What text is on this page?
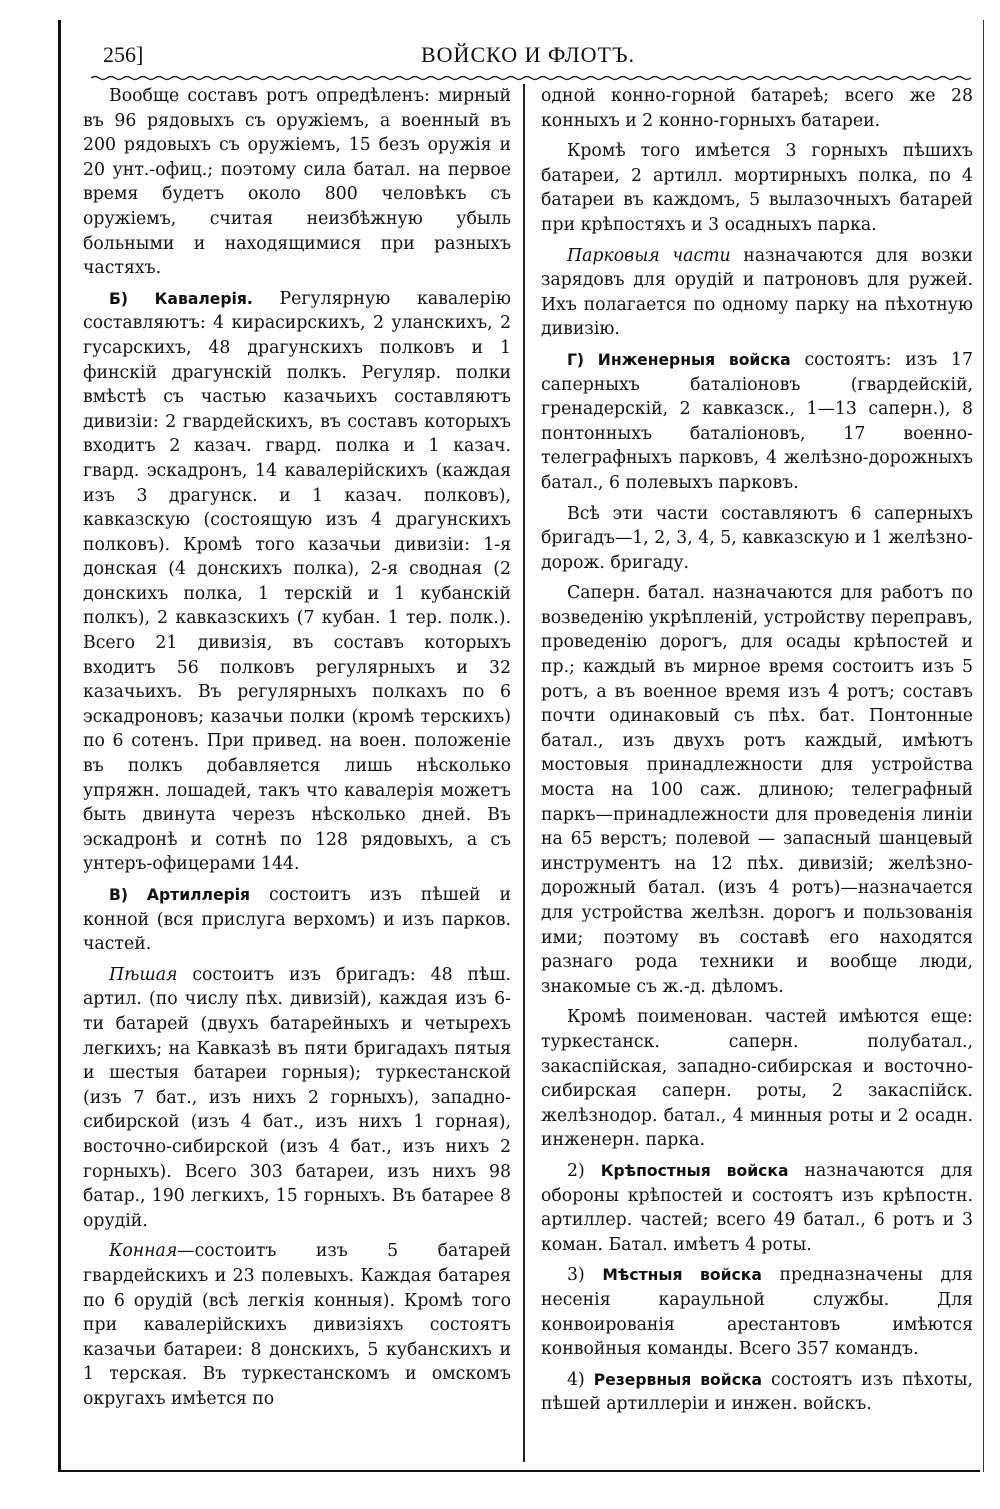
256]	ВОЙСКО И ФЛОТЪ.

Вообще составъ ротъ опредѣленъ: мирный въ 96 рядовыхъ съ оружіемъ, а военный въ 200 рядовыхъ съ оружіемъ, 15 безъ оружія и 20 унт.-офиц.; поэтому сила батал. на первое время будетъ около 800 человѣкъ съ оружіемъ, считая неизбѣжную убыль больными и находящимися при разныхъ частяхъ.

Б) Кавалерія. Регулярную кавалерію составляютъ: 4 кирасирскихъ, 2 уланскихъ, 2 гусарскихъ, 48 драгунскихъ полковъ и 1 финскій драгунскій полкъ. Регуляр. полки вмѣстѣ съ частью казачьихъ составляютъ дивизіи: 2 гвардейскихъ, въ составъ которыхъ входитъ 2 казач. гвард. полка и 1 казач. гвард. эскадронъ, 14 кавалерійскихъ (каждая изъ 3 драгунск. и 1 казач. полковъ), кавказскую (состоящую изъ 4 драгунскихъ полковъ). Кромѣ того казачьи дивизіи: 1-я донская (4 донскихъ полка), 2-я сводная (2 донскихъ полка, 1 терскій и 1 кубанскій полкъ), 2 кавказскихъ (7 кубан. 1 тер. полк.). Всего 21 дивизія, въ составъ которыхъ входитъ 56 полковъ регулярныхъ и 32 казачьихъ. Въ регулярныхъ полкахъ по 6 эскадроновъ; казачьи полки (кромѣ терскихъ) по 6 сотенъ. При привед. на воен. положеніе въ полкъ добавляется лишь нѣсколько упряжн. лошадей, такъ что кавалерія можетъ быть двинута черезъ нѣсколько дней. Въ эскадронѣ и сотнѣ по 128 рядовыхъ, а съ унтеръ-офицерами 144.

В) Артиллерія состоитъ изъ пѣшей и конной (вся прислуга верхомъ) и изъ парков. частей.

Пѣшая состоитъ изъ бригадъ: 48 пѣш. артил. (по числу пѣх. дивизій), каждая изъ 6-ти батарей (двухъ батарейныхъ и четырехъ легкихъ; на Кавказѣ въ пяти бригадахъ пятыя и шестыя батареи горныя); туркестанской (изъ 7 бат., изъ нихъ 2 горныхъ), западно-сибирской (изъ 4 бат., изъ нихъ 1 горная), восточно-сибирской (изъ 4 бат., изъ нихъ 2 горныхъ). Всего 303 батареи, изъ нихъ 98 батар., 190 легкихъ, 15 горныхъ. Въ батарее 8 орудій.

Конная—состоитъ изъ 5 батарей гвардейскихъ и 23 полевыхъ. Каждая батарея по 6 орудій (всѣ легкія конныя). Кромѣ того при кавалерійскихъ дивизіяхъ состоятъ казачьи батареи: 8 донскихъ, 5 кубанскихъ и 1 терская. Въ туркестанскомъ и омскомъ округахъ имѣется по

одной конно-горной батареѣ; всего же 28 конныхъ и 2 конно-горныхъ батареи.

Кромѣ того имѣется 3 горныхъ пѣшихъ батареи, 2 артилл. мортирныхъ полка, по 4 батареи въ каждомъ, 5 вылазочныхъ батарей при крѣпостяхъ и 3 осадныхъ парка.

Парковыя части назначаются для возки зарядовъ для орудій и патроновъ для ружей. Ихъ полагается по одному парку на пѣхотную дивизію.

Г) Инженерныя войска состоятъ: изъ 17 саперныхъ баталіоновъ (гвардейскій, гренадерскій, 2 кавказск., 1—13 саперн.), 8 понтонныхъ баталіоновъ, 17 военно-телеграфныхъ парковъ, 4 желѣзно-дорожныхъ батал., 6 полевыхъ парковъ.

Всѣ эти части составляютъ 6 саперныхъ бригадъ—1, 2, 3, 4, 5, кавказскую и 1 желѣзно-дорож. бригаду.

Саперн. батал. назначаются для работъ по возведенію укрѣпленій, устройству переправъ, проведенію дорогъ, для осады крѣпостей и пр.; каждый въ мирное время состоитъ изъ 5 ротъ, а въ военное время изъ 4 ротъ; составъ почти одинаковый съ пѣх. бат. Понтонные батал., изъ двухъ ротъ каждый, имѣютъ мостовыя принадлежности для устройства моста на 100 саж. длиною; телеграфный паркъ—принадлежности для проведенія линіи на 65 верстъ; полевой — запасный шанцевый инструментъ на 12 пѣх. дивизій; желѣзно-дорожный батал. (изъ 4 ротъ)—назначается для устройства желѣзн. дорогъ и пользованія ими; поэтому въ составѣ его находятся разнаго рода техники и вообще люди, знакомые съ ж.-д. дѣломъ.

Кромѣ поименован. частей имѣются еще: туркестанск. саперн. полубатал., закаспійская, западно-сибирская и восточно-сибирская саперн. роты, 2 закаспійск. желѣзнодор. батал., 4 минныя роты и 2 осадн. инженерн. парка.

2) Крѣпостныя войска назначаются для обороны крѣпостей и состоятъ изъ крѣпостн. артиллер. частей; всего 49 батал., 6 ротъ и 3 коман. Батал. имѣетъ 4 роты.

3) Мѣстныя войска предназначены для несенія караульной службы. Для конвоированія арестантовъ имѣются конвойныя команды. Всего 357 командъ.

4) Резервныя войска состоятъ изъ пѣхоты, пѣшей артиллеріи и инжен. войскъ.
